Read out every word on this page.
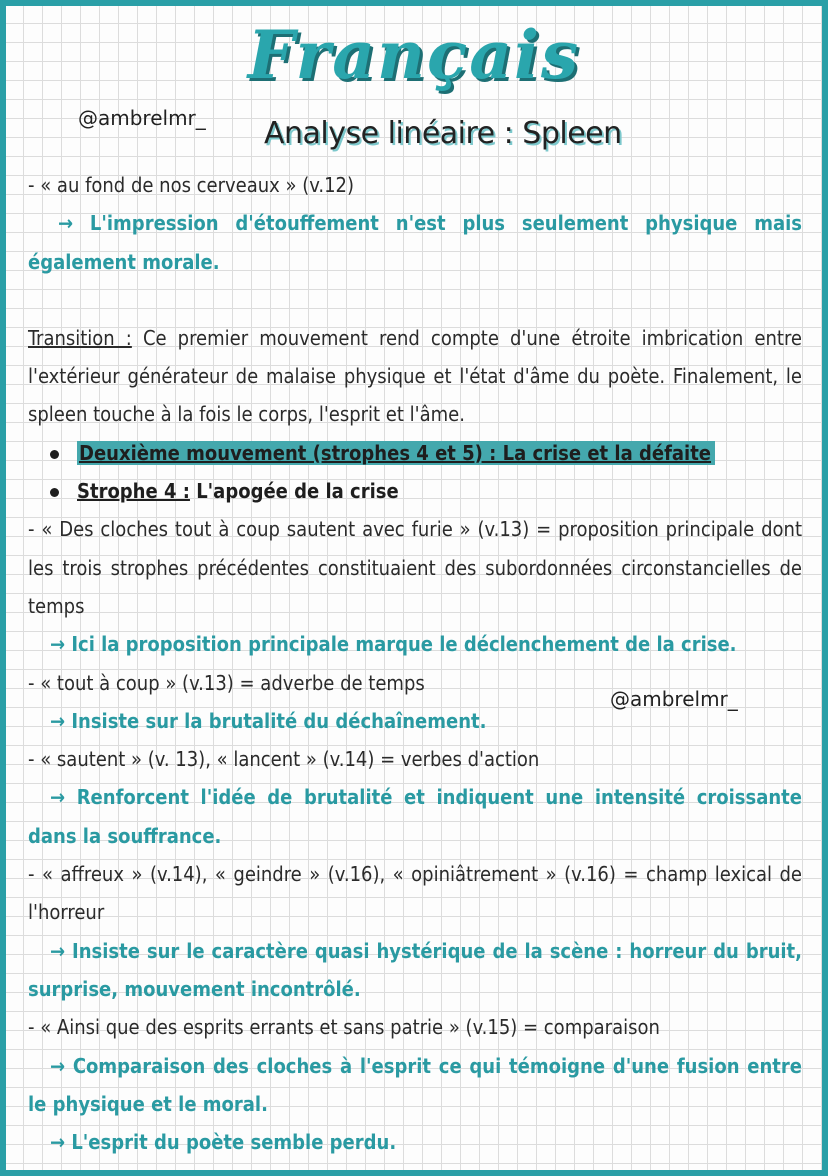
Français
@ambrelmr_ Analyse linéaire : Spleen

- « au fond de nos cerveaux » (v.12)

→ L'impression d'étouffement n'est plus seulement physique mais également morale.

Transition : Ce premier mouvement rend compte d'une étroite imbrication entre l'extérieur générateur de malaise physique et l'état d'âme du poète. Finalement, le spleen touche à la fois le corps, l'esprit et l'âme.

Deuxième mouvement (strophes 4 et 5) : La crise et la défaite
Strophe 4 : L'apogée de la crise

- « Des cloches tout à coup sautent avec furie » (v.13) = proposition principale dont les trois strophes précédentes constituaient des subordonnées circonstancielles de temps

→ Ici la proposition principale marque le déclenchement de la crise.

- « tout à coup » (v.13) = adverbe de temps

→ Insiste sur la brutalité du déchaînement.

- « sautent » (v. 13), « lancent » (v.14) = verbes d'action

→ Renforcent l'idée de brutalité et indiquent une intensité croissante dans la souffrance.

- « affreux » (v.14), « geindre » (v.16), « opiniâtrement » (v.16) = champ lexical de l'horreur

→ Insiste sur le caractère quasi hystérique de la scène : horreur du bruit, surprise, mouvement incontrôlé.

- « Ainsi que des esprits errants et sans patrie » (v.15) = comparaison

→ Comparaison des cloches à l'esprit ce qui témoigne d'une fusion entre le physique et le moral.

→ L'esprit du poète semble perdu.

@ambrelmr_
